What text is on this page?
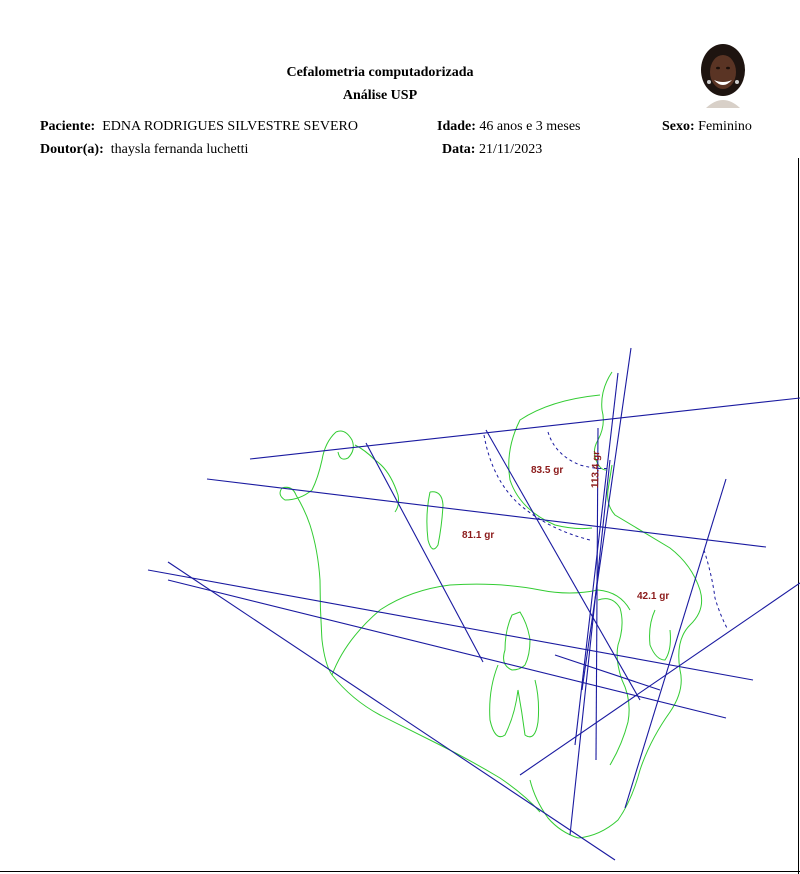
Cefalometria computadorizada
Análise USP
Paciente: EDNA RODRIGUES SILVESTRE SEVERO	Idade: 46 anos e 3 meses	Sexo: Feminino
Doutor(a): thaysla fernanda luchetti	Data: 21/11/2023
83.5 gr	113.4 gr
81.1 gr
42.1 gr
